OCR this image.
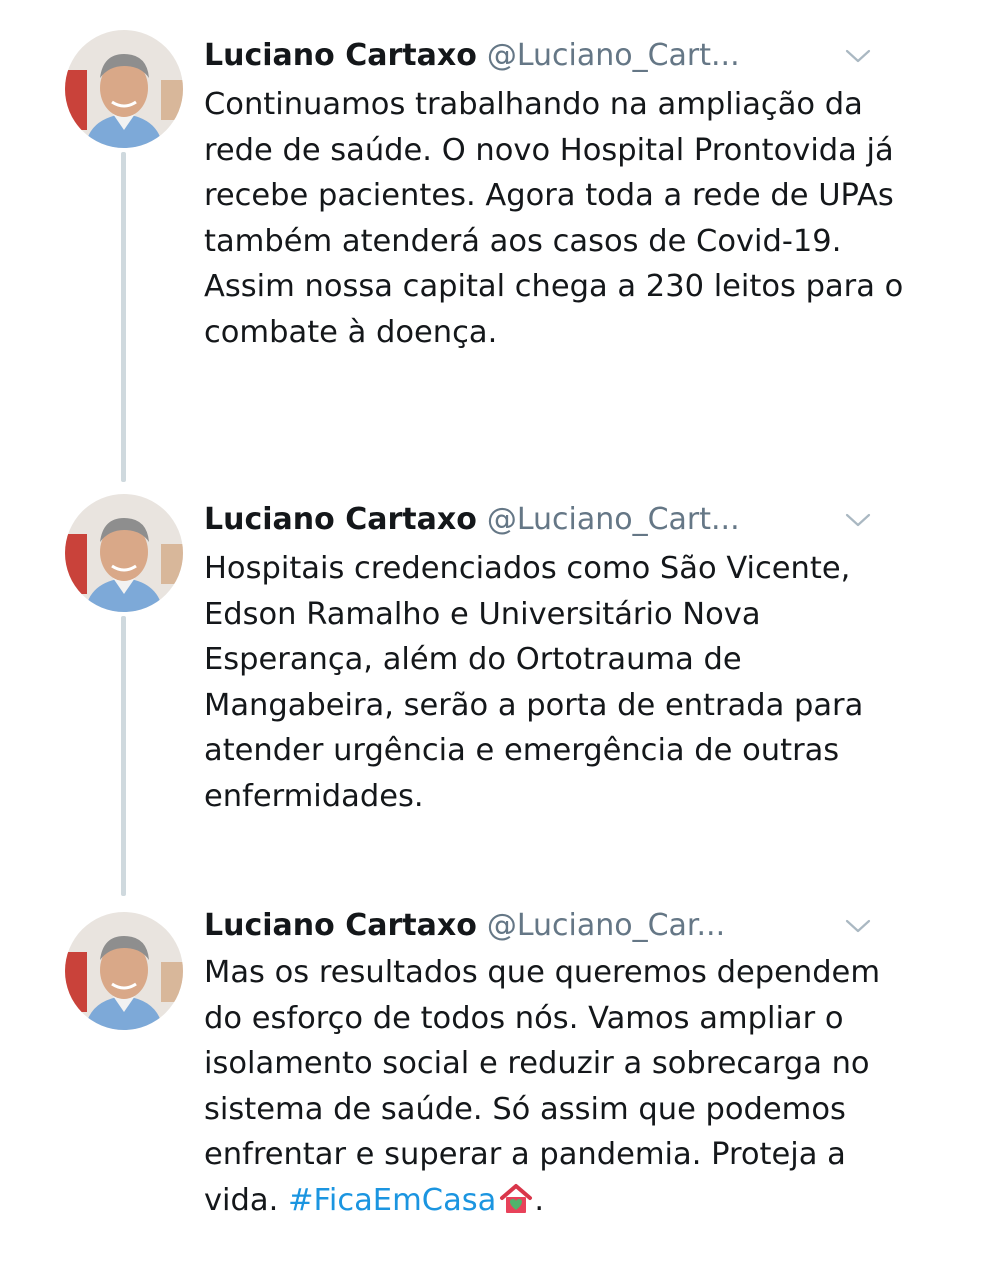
Luciano Cartaxo @Luciano_Cart...
Continuamos trabalhando na ampliação da rede de saúde. O novo Hospital Prontovida já recebe pacientes. Agora toda a rede de UPAs também atenderá aos casos de Covid-19. Assim nossa capital chega a 230 leitos para o combate à doença.
Luciano Cartaxo @Luciano_Cart...
Hospitais credenciados como São Vicente, Edson Ramalho e Universitário Nova Esperança, além do Ortotrauma de Mangabeira, serão a porta de entrada para atender urgência e emergência de outras enfermidades.
Luciano Cartaxo @Luciano_Car...
Mas os resultados que queremos dependem do esforço de todos nós. Vamos ampliar o isolamento social e reduzir a sobrecarga no sistema de saúde. Só assim que podemos enfrentar e superar a pandemia. Proteja a vida. #FicaEmCasa .
